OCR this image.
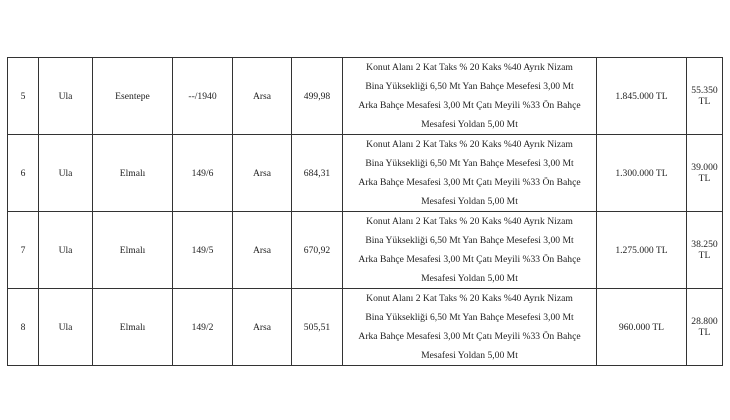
5	Ula	Esentepe	--/1940	Arsa	499,98	Konut Alanı 2 Kat Taks % 20 Kaks %40 Ayrık Nizam
Bina Yüksekliği 6,50 Mt Yan Bahçe Mesefesi 3,00 Mt
Arka Bahçe Mesafesi 3,00 Mt Çatı Meyili %33 Ön Bahçe
Mesafesi Yoldan 5,00 Mt	1.845.000 TL	55.350 TL
6	Ula	Elmalı	149/6	Arsa	684,31	Konut Alanı 2 Kat Taks % 20 Kaks %40 Ayrık Nizam
Bina Yüksekliği 6,50 Mt Yan Bahçe Mesefesi 3,00 Mt
Arka Bahçe Mesafesi 3,00 Mt Çatı Meyili %33 Ön Bahçe
Mesafesi Yoldan 5,00 Mt	1.300.000 TL	39.000 TL
7	Ula	Elmalı	149/5	Arsa	670,92	Konut Alanı 2 Kat Taks % 20 Kaks %40 Ayrık Nizam
Bina Yüksekliği 6,50 Mt Yan Bahçe Mesefesi 3,00 Mt
Arka Bahçe Mesafesi 3,00 Mt Çatı Meyili %33 Ön Bahçe
Mesafesi Yoldan 5,00 Mt	1.275.000 TL	38.250 TL
8	Ula	Elmalı	149/2	Arsa	505,51	Konut Alanı 2 Kat Taks % 20 Kaks %40 Ayrık Nizam
Bina Yüksekliği 6,50 Mt Yan Bahçe Mesefesi 3,00 Mt
Arka Bahçe Mesafesi 3,00 Mt Çatı Meyili %33 Ön Bahçe
Mesafesi Yoldan 5,00 Mt	960.000 TL	28.800 TL
